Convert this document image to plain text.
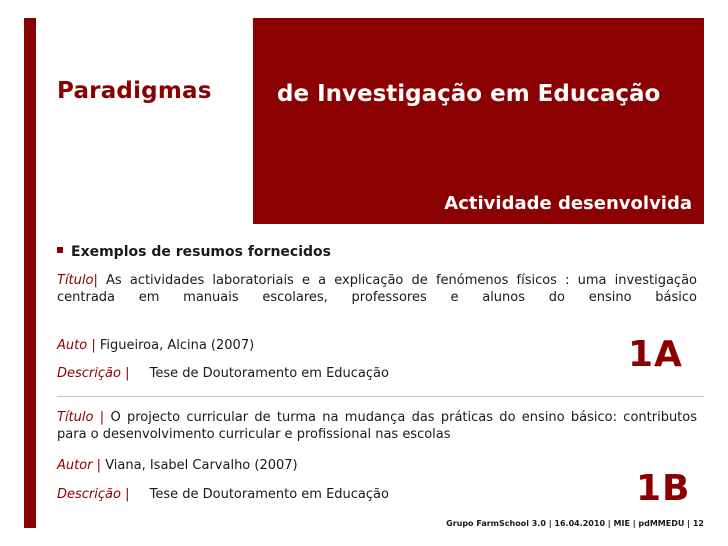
Paradigmas	de Investigação em Educação
Actividade desenvolvida
Exemplos de resumos fornecidos
Título| As actividades laboratoriais e a explicação de fenómenos físicos : uma investigação centrada em manuais escolares, professores e alunos do ensino básico
Auto | Figueiroa, Alcina (2007)
Descrição | Tese de Doutoramento em Educação	1A
Título | O projecto curricular de turma na mudança das práticas do ensino básico: contributos para o desenvolvimento curricular e profissional nas escolas
Autor | Viana, Isabel Carvalho (2007)
Descrição | Tese de Doutoramento em Educação	1B
Grupo FarmSchool 3.0 | 16.04.2010 | MIE | pdMMEDU | 12
